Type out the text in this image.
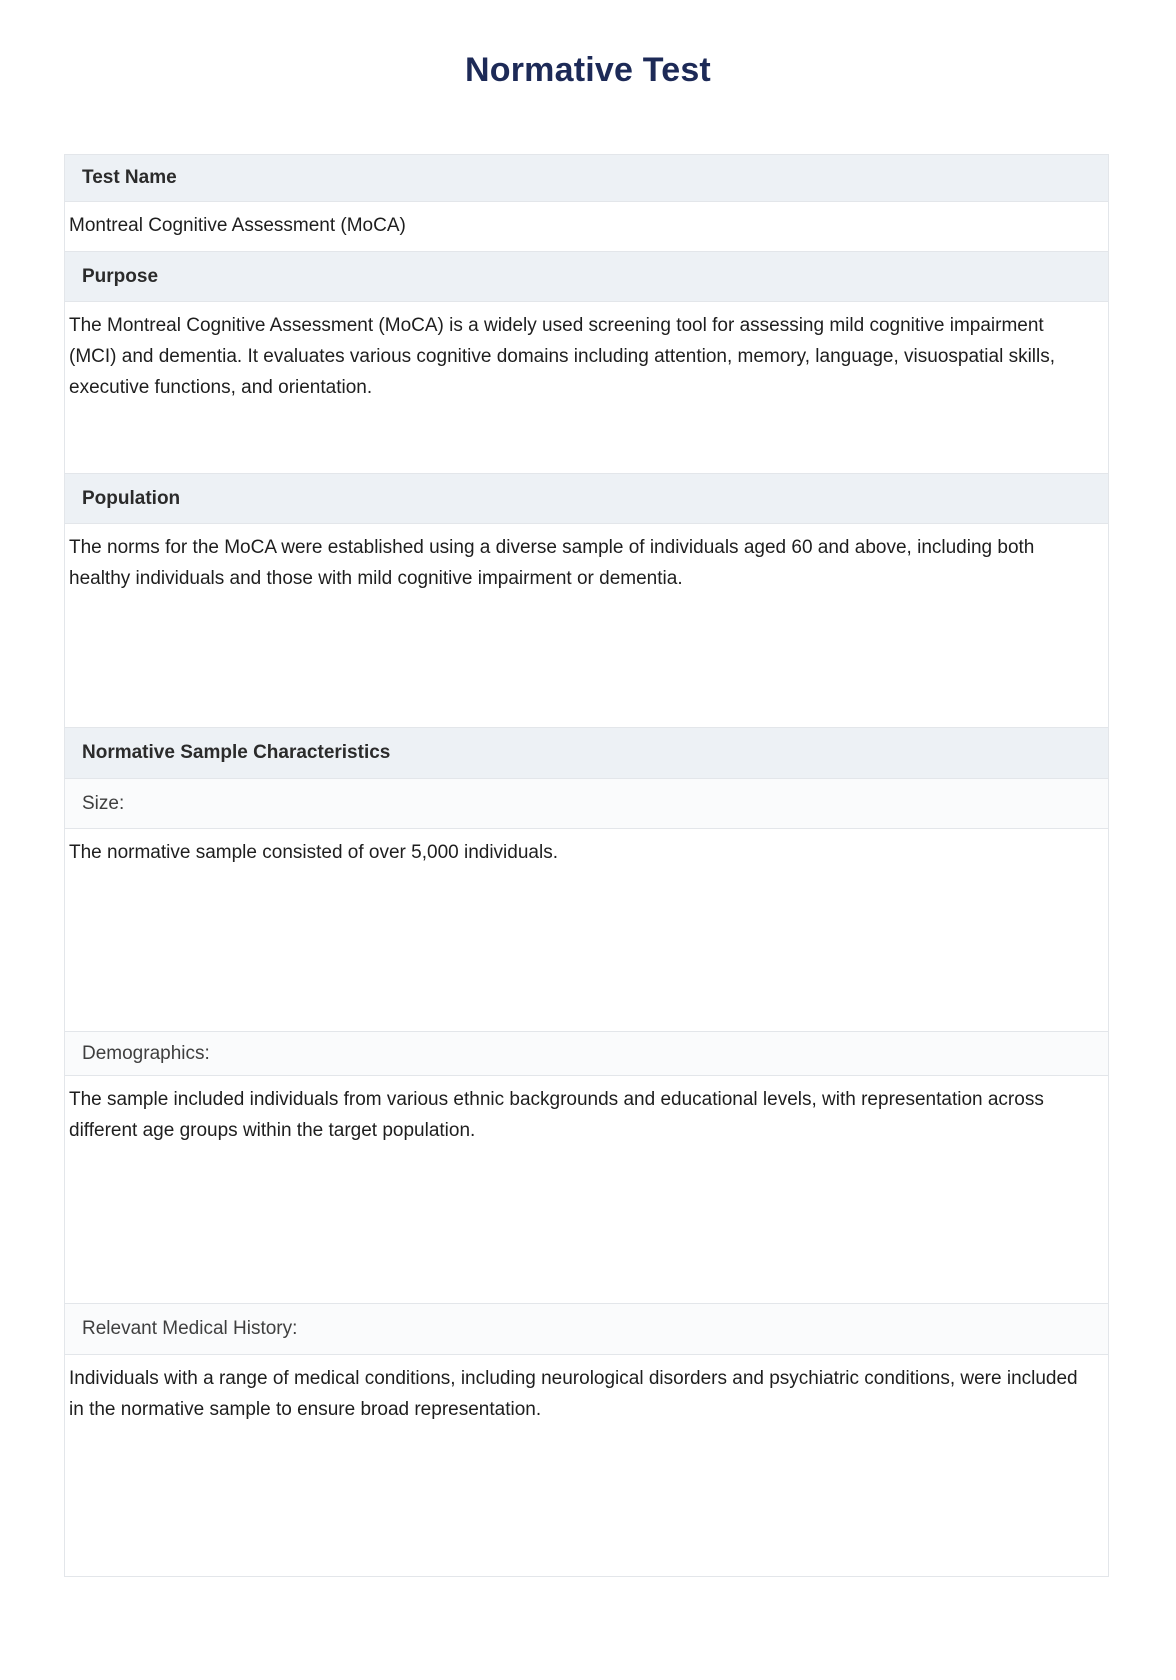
Normative Test
Test Name
Montreal Cognitive Assessment (MoCA)
Purpose
The Montreal Cognitive Assessment (MoCA) is a widely used screening tool for assessing mild cognitive impairment (MCI) and dementia. It evaluates various cognitive domains including attention, memory, language, visuospatial skills, executive functions, and orientation.
Population
The norms for the MoCA were established using a diverse sample of individuals aged 60 and above, including both healthy individuals and those with mild cognitive impairment or dementia.
Normative Sample Characteristics
Size:
The normative sample consisted of over 5,000 individuals.
Demographics:
The sample included individuals from various ethnic backgrounds and educational levels, with representation across different age groups within the target population.
Relevant Medical History:
Individuals with a range of medical conditions, including neurological disorders and psychiatric conditions, were included in the normative sample to ensure broad representation.
